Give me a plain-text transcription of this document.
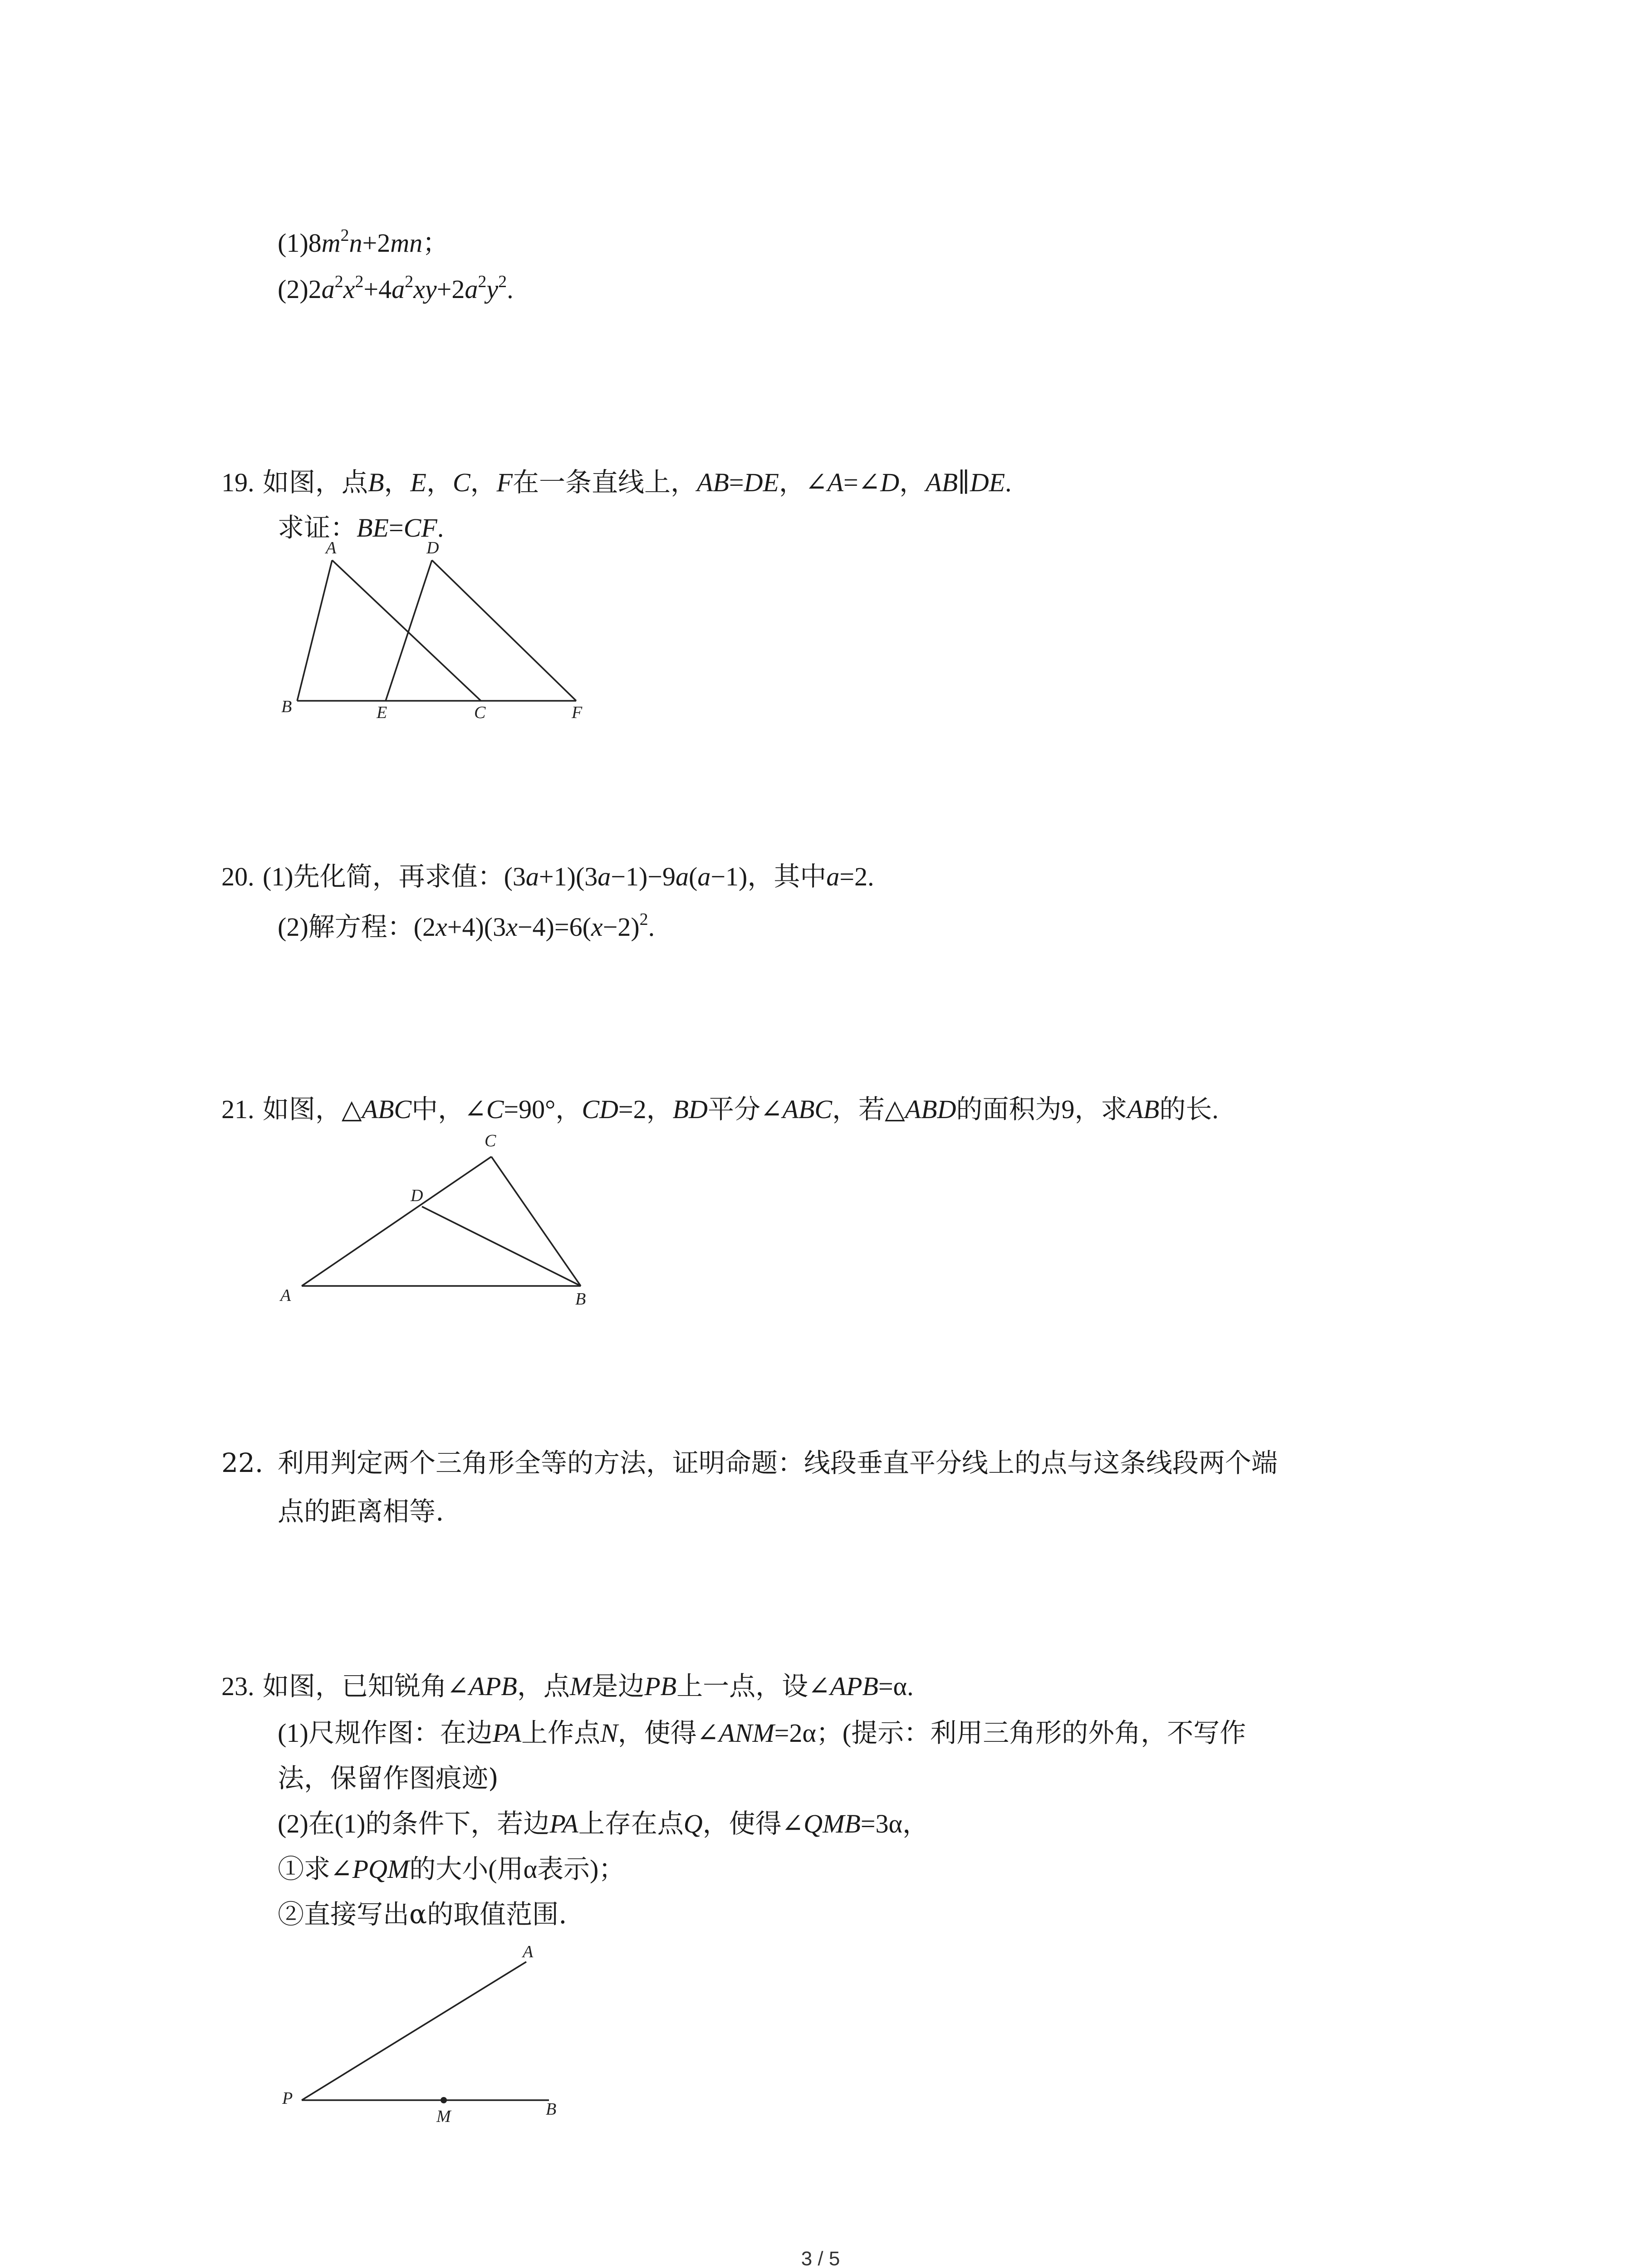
$(1)8m^2n+2mn$；
$(2)2a^2x^2+4a^2xy+2a^2y^2$.
19. 如图，点B，E，C，F在一条直线上，AB=DE，∠A=∠D，AB∥DE.
求证：BE=CF.
A	D
B	E	C	F
20. (1)先化简，再求值：(3a+1)(3a−1)−9a(a−1)，其中a=2.
(2)解方程：$(2x+4)(3x-4)=6(x-2)^2$.
21. 如图，△ABC中，∠C=90°，CD=2，BD平分∠ABC，若△ABD的面积为9，求AB的长.
C
D
A	B
利用判定两个三角形全等的方法，证明命题：线段垂直平分线上的点与这条线段两个端
22.
点的距离相等.
23. 如图，已知锐角∠APB，点M是边PB上一点，设∠APB=α.
(1)尺规作图：在边PA上作点N，使得∠ANM=2α；(提示：利用三角形的外角，不写作
法，保留作图痕迹)
(2)在(1)的条件下，若边PA上存在点Q，使得∠QMB=3α，
①求∠PQM的大小(用α表示)；
②直接写出α的取值范围.
A
P
M	B
3 / 5
